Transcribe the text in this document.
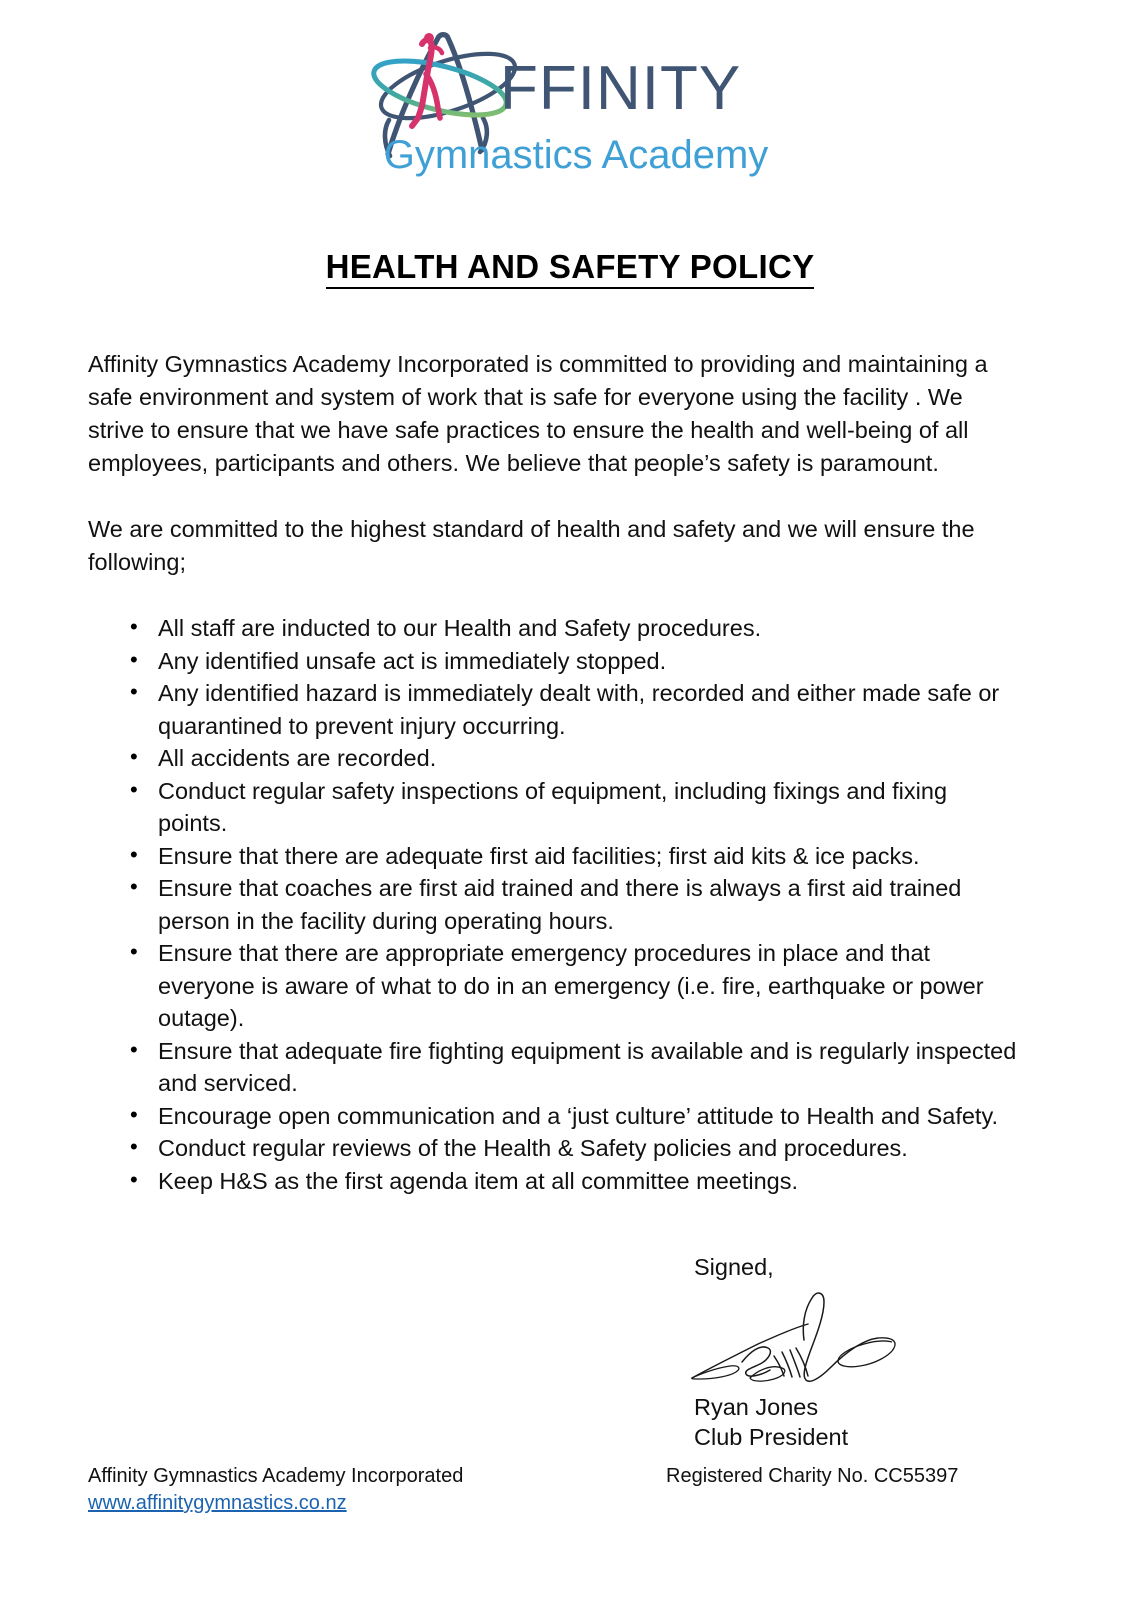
FFINITY
Gymnastics Academy
HEALTH AND SAFETY POLICY

Affinity Gymnastics Academy Incorporated is committed to providing and maintaining a safe environment and system of work that is safe for everyone using the facility . We strive to ensure that we have safe practices to ensure the health and well-being of all employees, participants and others. We believe that people’s safety is paramount.

We are committed to the highest standard of health and safety and we will ensure the following;

• All staff are inducted to our Health and Safety procedures.
• Any identified unsafe act is immediately stopped.
• Any identified hazard is immediately dealt with, recorded and either made safe or quarantined to prevent injury occurring.
• All accidents are recorded.
• Conduct regular safety inspections of equipment, including fixings and fixing points.
• Ensure that there are adequate first aid facilities; first aid kits & ice packs.
• Ensure that coaches are first aid trained and there is always a first aid trained person in the facility during operating hours.
• Ensure that there are appropriate emergency procedures in place and that everyone is aware of what to do in an emergency (i.e. fire, earthquake or power outage).
• Ensure that adequate fire fighting equipment is available and is regularly inspected and serviced.
• Encourage open communication and a ‘just culture’ attitude to Health and Safety.
• Conduct regular reviews of the Health & Safety policies and procedures.
• Keep H&S as the first agenda item at all committee meetings.
Signed,
Ryan Jones
Club President
Affinity Gymnastics Academy Incorporated	Registered Charity No. CC55397
www.affinitygymnastics.co.nz
